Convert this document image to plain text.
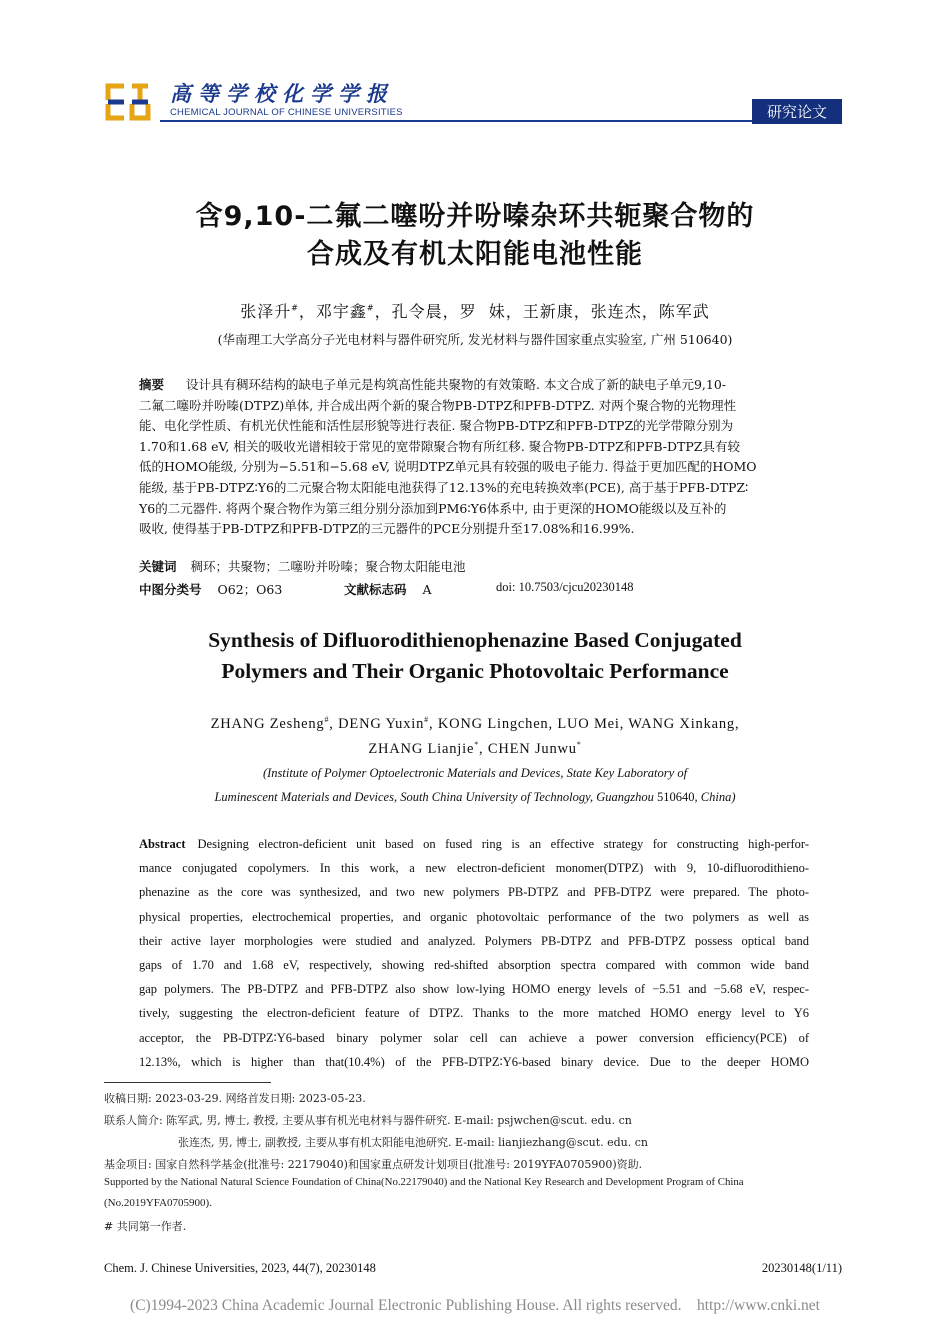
高等学校化学学报
CHEMICAL JOURNAL OF CHINESE UNIVERSITIES	研究论文
含9,10-二氟二噻吩并吩嗪杂环共轭聚合物的
合成及有机太阳能电池性能
张泽升#，邓宇鑫#，孔令晨，罗  妹，王新康，张连杰，陈军武
(华南理工大学高分子光电材料与器件研究所, 发光材料与器件国家重点实验室, 广州 510640)
摘要 设计具有稠环结构的缺电子单元是构筑高性能共聚物的有效策略. 本文合成了新的缺电子单元9,10-
二氟二噻吩并吩嗪(DTPZ)单体, 并合成出两个新的聚合物PB-DTPZ和PFB-DTPZ. 对两个聚合物的光物理性
能、电化学性质、有机光伏性能和活性层形貌等进行表征. 聚合物PB-DTPZ和PFB-DTPZ的光学带隙分别为
1.70和1.68 eV, 相关的吸收光谱相较于常见的宽带隙聚合物有所红移. 聚合物PB-DTPZ和PFB-DTPZ具有较
低的HOMO能级, 分别为−5.51和−5.68 eV, 说明DTPZ单元具有较强的吸电子能力. 得益于更加匹配的HOMO
能级, 基于PB-DTPZ∶Y6的二元聚合物太阳能电池获得了12.13%的充电转换效率(PCE), 高于基于PFB-DTPZ∶
Y6的二元器件. 将两个聚合物作为第三组分别分添加到PM6∶Y6体系中, 由于更深的HOMO能级以及互补的
吸收, 使得基于PB-DTPZ和PFB-DTPZ的三元器件的PCE分别提升至17.08%和16.99%.
关键词 稠环；共聚物；二噻吩并吩嗪；聚合物太阳能电池
中图分类号 O62；O63	文献标志码 A	doi: 10.7503/cjcu20230148
Synthesis of Difluorodithienophenazine Based Conjugated
Polymers and Their Organic Photovoltaic Performance
ZHANG Zesheng#, DENG Yuxin#, KONG Lingchen, LUO Mei, WANG Xinkang,
ZHANG Lianjie*, CHEN Junwu*
(Institute of Polymer Optoelectronic Materials and Devices, State Key Laboratory of
Luminescent Materials and Devices, South China University of Technology, Guangzhou 510640, China)
Abstract Designing electron-deficient unit based on fused ring is an effective strategy for constructing high-perfor-
mance conjugated copolymers. In this work, a new electron-deficient monomer(DTPZ) with 9, 10-difluorodithieno-
phenazine as the core was synthesized, and two new polymers PB-DTPZ and PFB-DTPZ were prepared. The photo-
physical properties, electrochemical properties, and organic photovoltaic performance of the two polymers as well as
their active layer morphologies were studied and analyzed. Polymers PB-DTPZ and PFB-DTPZ possess optical band
gaps of 1.70 and 1.68 eV, respectively, showing red-shifted absorption spectra compared with common wide band
gap polymers. The PB-DTPZ and PFB-DTPZ also show low-lying HOMO energy levels of −5.51 and −5.68 eV, respec-
tively, suggesting the electron-deficient feature of DTPZ. Thanks to the more matched HOMO energy level to Y6
acceptor, the PB-DTPZ∶Y6-based binary polymer solar cell can achieve a power conversion efficiency(PCE) of
12.13%, which is higher than that(10.4%) of the PFB-DTPZ∶Y6-based binary device. Due to the deeper HOMO
收稿日期: 2023-03-29. 网络首发日期: 2023-05-23.
联系人简介: 陈军武, 男, 博士, 教授, 主要从事有机光电材料与器件研究. E-mail: psjwchen@scut. edu. cn
张连杰, 男, 博士, 副教授, 主要从事有机太阳能电池研究. E-mail: lianjiezhang@scut. edu. cn
基金项目: 国家自然科学基金(批准号: 22179040)和国家重点研发计划项目(批准号: 2019YFA0705900)资助.
Supported by the National Natural Science Foundation of China(No.22179040) and the National Key Research and Development Program of China
(No.2019YFA0705900).
# 共同第一作者.
Chem. J. Chinese Universities, 2023, 44(7), 20230148	20230148(1/11)
(C)1994-2023 China Academic Journal Electronic Publishing House. All rights reserved.    http://www.cnki.net
